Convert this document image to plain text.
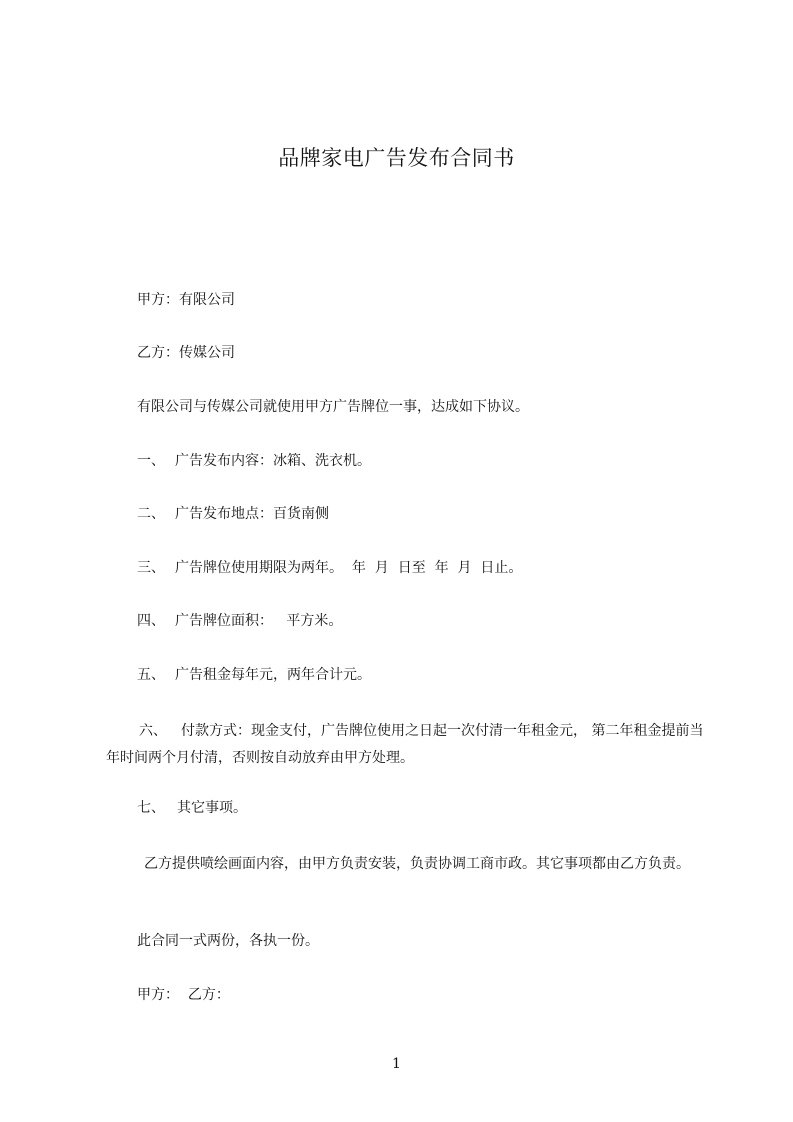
品牌家电广告发布合同书
甲方：有限公司
乙方：传媒公司
有限公司与传媒公司就使用甲方广告牌位一事，达成如下协议。
一、 广告发布内容：冰箱、洗衣机。
二、 广告发布地点：百货南侧
三、 广告牌位使用期限为两年。  年  月  日至  年  月  日止。
四、 广告牌位面积：   平方米。
五、 广告租金每年元，两年合计元。
六、 付款方式：现金支付，广告牌位使用之日起一次付清一年租金元， 第二年租金提前当年时间两个月付清，否则按自动放弃由甲方处理。
七、 其它事项。
乙方提供喷绘画面内容，由甲方负责安装，负责协调工商市政。其它事项都由乙方负责。
此合同一式两份，各执一份。
甲方：  乙方：
1
